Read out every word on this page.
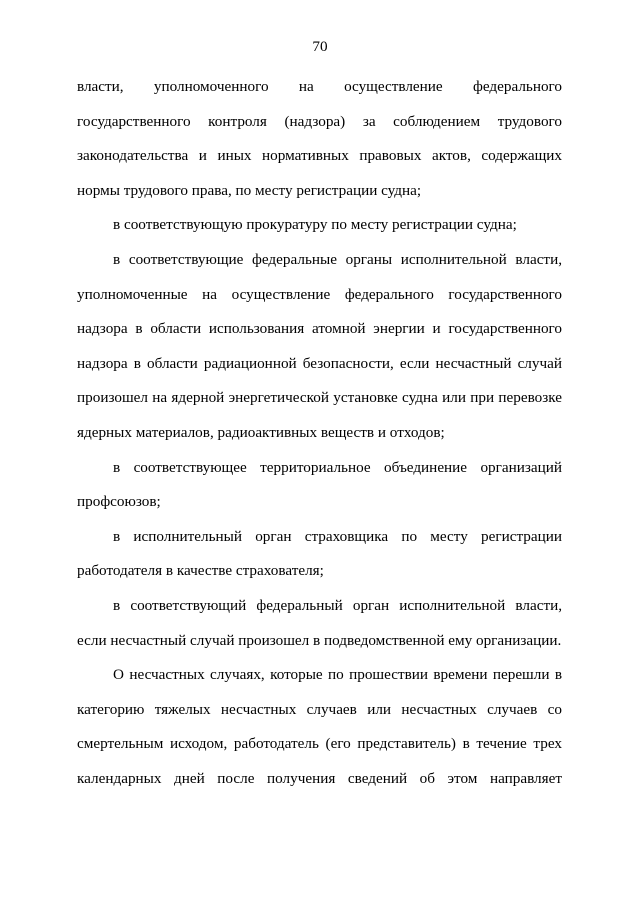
70

власти, уполномоченного на осуществление федерального государственного контроля (надзора) за соблюдением трудового законодательства и иных нормативных правовых актов, содержащих нормы трудового права, по месту регистрации судна;

в соответствующую прокуратуру по месту регистрации судна;

в соответствующие федеральные органы исполнительной власти, уполномоченные на осуществление федерального государственного надзора в области использования атомной энергии и государственного надзора в области радиационной безопасности, если несчастный случай произошел на ядерной энергетической установке судна или при перевозке ядерных материалов, радиоактивных веществ и отходов;

в соответствующее территориальное объединение организаций профсоюзов;

в исполнительный орган страховщика по месту регистрации работодателя в качестве страхователя;

в соответствующий федеральный орган исполнительной власти, если несчастный случай произошел в подведомственной ему организации.

О несчастных случаях, которые по прошествии времени перешли в категорию тяжелых несчастных случаев или несчастных случаев со смертельным исходом, работодатель (его представитель) в течение трех календарных дней после получения сведений об этом направляет
